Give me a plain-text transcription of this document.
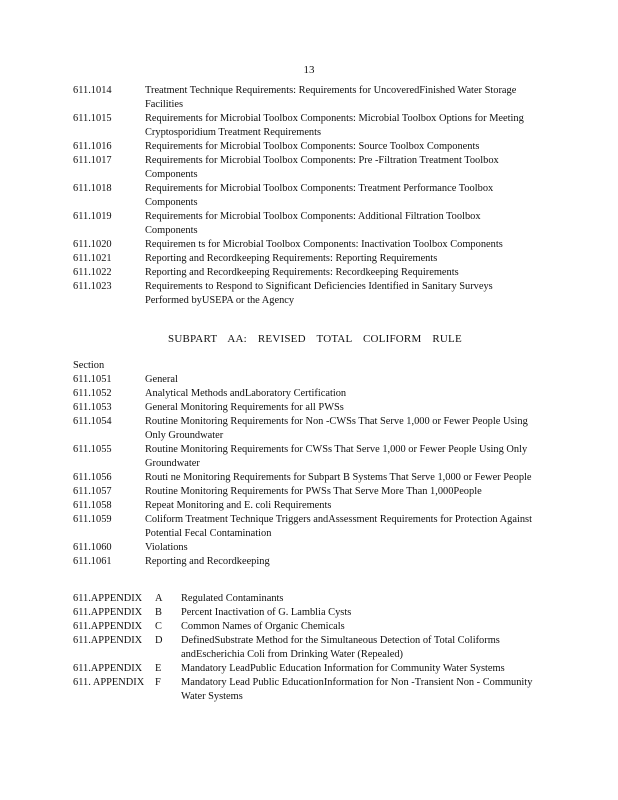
13
611.1014	Treatment Technique Requirements: Requirements for UncoveredFinished Water Storage Facilities
611.1015	Requirements for Microbial Toolbox Components: Microbial Toolbox Options for Meeting Cryptosporidium Treatment Requirements
611.1016	Requirements for Microbial Toolbox Components: Source Toolbox Components
611.1017	Requirements for Microbial Toolbox Components: Pre -Filtration Treatment Toolbox Components
611.1018	Requirements for Microbial Toolbox Components: Treatment Performance Toolbox Components
611.1019	Requirements for Microbial Toolbox Components: Additional Filtration Toolbox Components
611.1020	Requiremen ts for Microbial Toolbox Components: Inactivation Toolbox Components
611.1021	Reporting and Recordkeeping Requirements: Reporting Requirements
611.1022	Reporting and Recordkeeping Requirements: Recordkeeping Requirements
611.1023	Requirements to Respond to Significant Deficiencies Identified in Sanitary Surveys Performed byUSEPA or the Agency
SUBPART AA: REVISED TOTAL COLIFORM RULE
Section
611.1051	General
611.1052	Analytical Methods andLaboratory Certification
611.1053	General Monitoring Requirements for all PWSs
611.1054	Routine Monitoring Requirements for Non -CWSs That Serve 1,000 or Fewer People Using Only Groundwater
611.1055	Routine Monitoring Requirements for CWSs That Serve 1,000 or Fewer People Using Only Groundwater
611.1056	Routi ne Monitoring Requirements for Subpart B Systems That Serve 1,000 or Fewer People
611.1057	Routine Monitoring Requirements for PWSs That Serve More Than 1,000People
611.1058	Repeat Monitoring and E. coli Requirements
611.1059	Coliform Treatment Technique Triggers andAssessment Requirements for Protection Against Potential Fecal Contamination
611.1060	Violations
611.1061	Reporting and Recordkeeping
611.APPENDIX	A	Regulated Contaminants
611.APPENDIX	B	Percent Inactivation of G. Lamblia Cysts
611.APPENDIX	C	Common Names of Organic Chemicals
611.APPENDIX	D	DefinedSubstrate Method for the Simultaneous Detection of Total Coliforms andEscherichia Coli from Drinking Water (Repealed)
611.APPENDIX	E	Mandatory LeadPublic Education Information for Community Water Systems
611. APPENDIX	F	Mandatory Lead Public EducationInformation for Non -Transient Non - Community Water Systems
